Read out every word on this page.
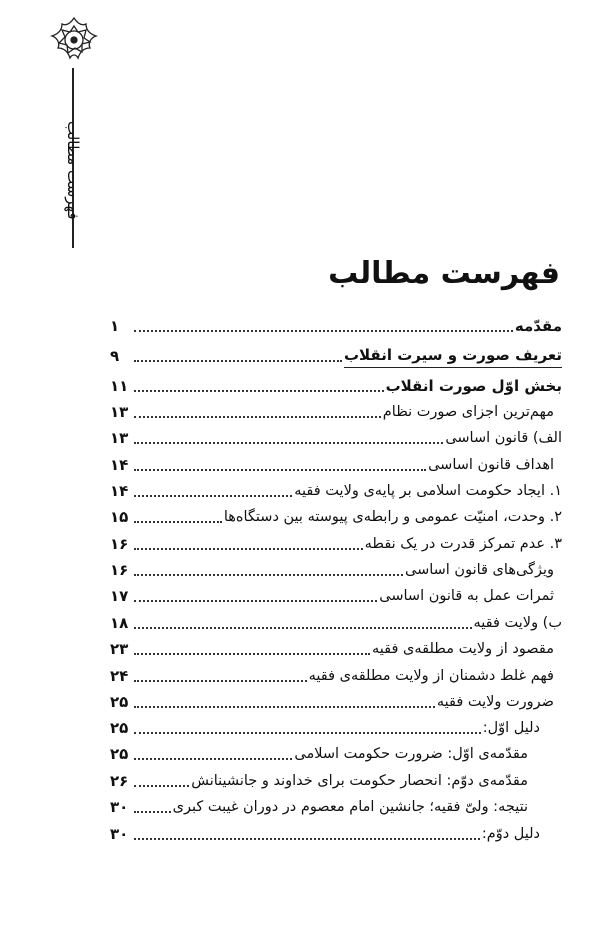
فهرست مطالب
فهرست مطالب
مقدّمه
۱
تعریف صورت و سیرت انقلاب
۹
بخش اوّل صورت انقلاب
۱۱
مهم‌ترین اجزای صورت نظام
۱۳
الف) قانون اساسی
۱۳
اهداف قانون اساسی
۱۴
۱. ایجاد حکومت اسلامی بر پایه‌ی ولایت فقیه
۱۴
۲. وحدت، امنیّت عمومی و رابطه‌ی پیوسته بین دستگاه‌ها
۱۵
۳. عدم تمرکز قدرت در یک نقطه
۱۶
ویژگی‌های قانون اساسی
۱۶
ثمرات عمل به قانون اساسی
۱۷
ب) ولایت فقیه
۱۸
مقصود از ولایت مطلقه‌ی فقیه
۲۳
فهم غلط دشمنان از ولایت مطلقه‌ی فقیه
۲۴
ضرورت ولایت فقیه
۲۵
دلیل اوّل:
۲۵
مقدّمه‌ی اوّل: ضرورت حکومت اسلامی
۲۵
مقدّمه‌ی دوّم: انحصار حکومت برای خداوند و جانشینانش
۲۶
نتیجه: ولیّ فقیه؛ جانشین امام معصوم در دوران غیبت کبری
۳۰
دلیل دوّم:
۳۰
